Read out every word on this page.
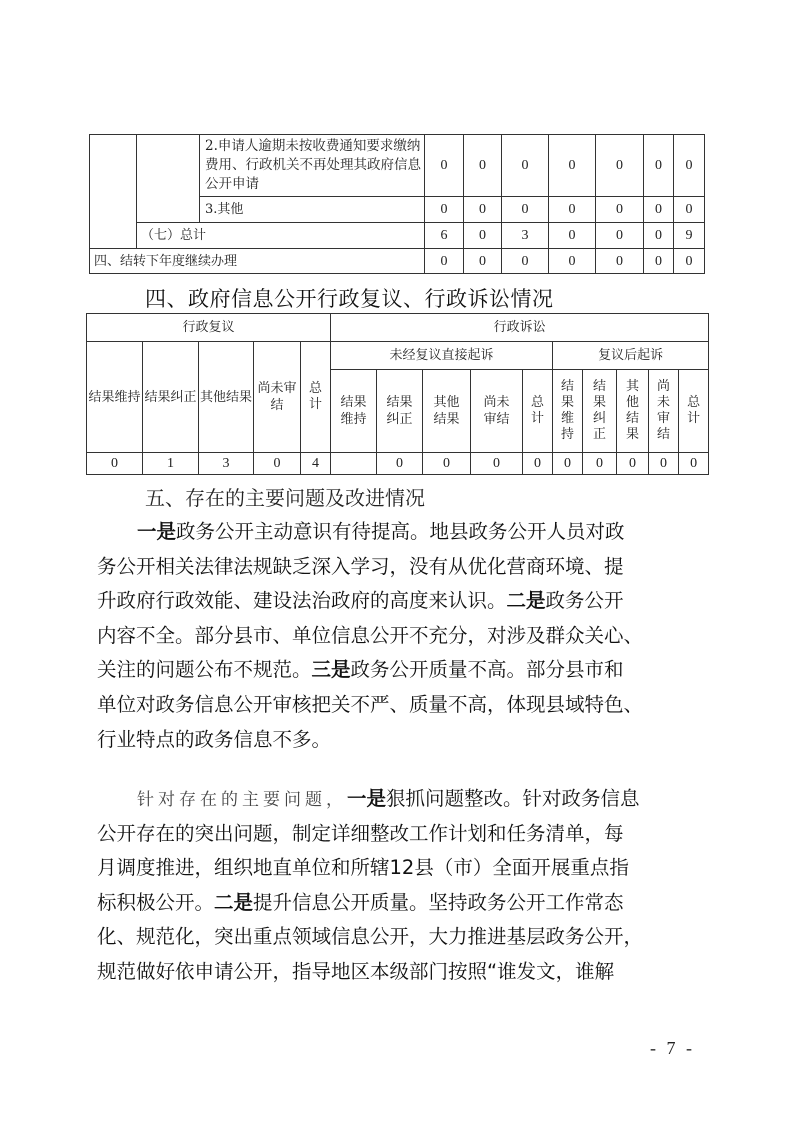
		2.申请人逾期未按收费通知要求缴纳费用、行政机关不再处理其政府信息公开申请	0	0	0	0	0	0	0
		3.其他	0	0	0	0	0	0	0
	（七）总计		6	0	3	0	0	0	9
四、结转下年度继续办理			0	0	0	0	0	0	0
四、政府信息公开行政复议、行政诉讼情况
行政复议					行政诉讼									
结果维持	结果纠正	其他结果	尚未审结	总计	未经复议直接起诉					复议后起诉				
					结果维持	结果纠正	其他结果	尚未审结	总计	结果维持	结果纠正	其他结果	尚未审结	总计
0	1	3	0	4		0	0	0	0	0	0	0	0	0
五、存在的主要问题及改进情况
一是政务公开主动意识有待提高。地县政务公开人员对政
务公开相关法律法规缺乏深入学习，没有从优化营商环境、提
升政府行政效能、建设法治政府的高度来认识。二是政务公开
内容不全。部分县市、单位信息公开不充分，对涉及群众关心、
关注的问题公布不规范。三是政务公开质量不高。部分县市和
单位对政务信息公开审核把关不严、质量不高，体现县域特色、
行业特点的政务信息不多。
针对存在的主要问题，一是狠抓问题整改。针对政务信息
公开存在的突出问题，制定详细整改工作计划和任务清单，每
月调度推进，组织地直单位和所辖12县（市）全面开展重点指
标积极公开。二是提升信息公开质量。坚持政务公开工作常态
化、规范化，突出重点领域信息公开，大力推进基层政务公开，
规范做好依申请公开，指导地区本级部门按照“谁发文，谁解
- 7 -
